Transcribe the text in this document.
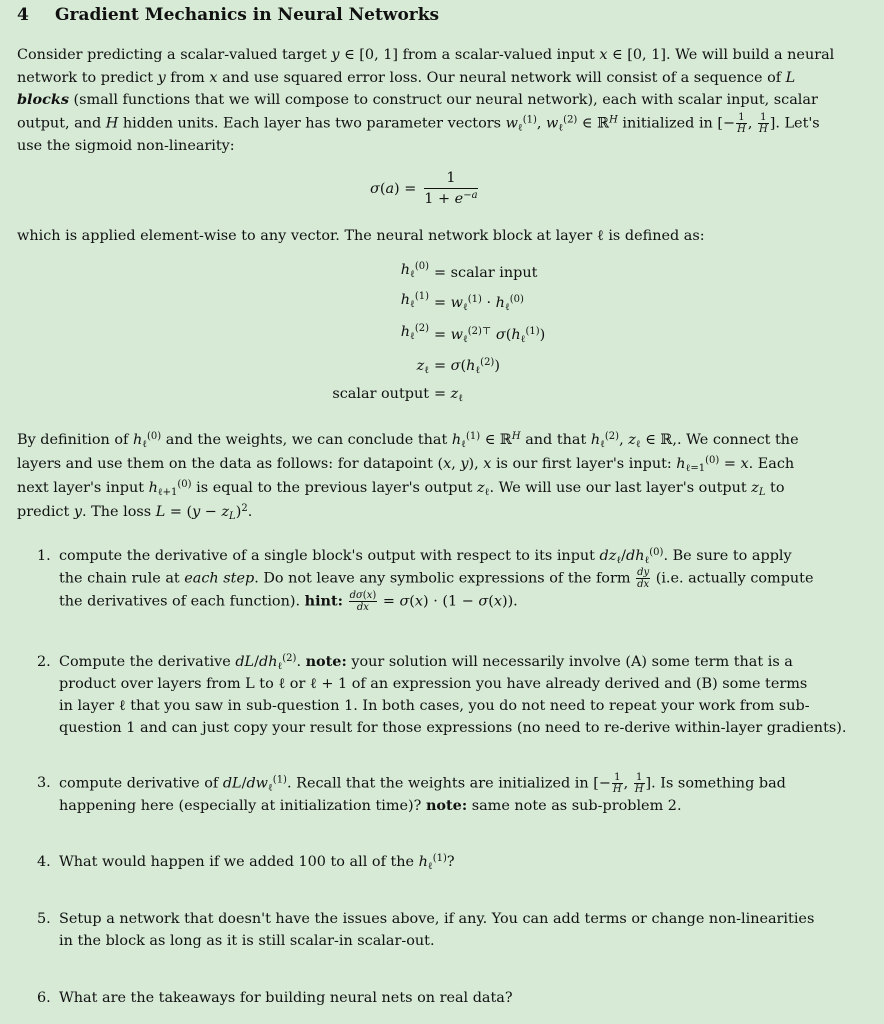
4 Gradient Mechanics in Neural Networks
Consider predicting a scalar-valued target y ∈ [0, 1] from a scalar-valued input x ∈ [0, 1]. We will build a neural
network to predict y from x and use squared error loss. Our neural network will consist of a sequence of L
blocks (small functions that we will compose to construct our neural network), each with scalar input, scalar
output, and H hidden units. Each layer has two parameter vectors $w_\ell^{(1)}$, $w_\ell^{(2)}$ ∈ ℝ$^H$ initialized in [− $\frac{1}{H}$ , $\frac{1}{H}$ ]. Let's
use the sigmoid non-linearity:
$\sigma(a) = \frac{1}{1 + e^{-a}}$
which is applied element-wise to any vector. The neural network block at layer ℓ is defined as:
$h_\ell^{(0)}$ = scalar input
$h_\ell^{(1)} = w_\ell^{(1)} \cdot h_\ell^{(0)}$
$h_\ell^{(2)} = w_\ell^{(2)⊤}$ $\sigma(h_\ell^{(1)})$
$z_\ell = \sigma(h_\ell^{(2)})$
scalar output = $z_\ell$
By definition of $h_\ell^{(0)}$ and the weights, we can conclude that $h_\ell^{(1)}$ ∈ ℝ$^H$ and that $h_\ell^{(2)}$, $z_\ell$ ∈ ℝ,. We connect the
layers and use them on the data as follows: for datapoint (x, y), x is our first layer's input: $h_{\ell=1}^{(0)} = x$. Each
next layer's input $h_{\ell+1}^{(0)}$ is equal to the previous layer's output $z_\ell$. We will use our last layer's output $z_L$ to
predict y. The loss $L = (y - z_L)^2$.
1. compute the derivative of a single block's output with respect to its input $dz_\ell/dh_\ell^{(0)}$. Be sure to apply
the chain rule at each step. Do not leave any symbolic expressions of the form $\frac{dy}{dx} (i.e$. actually compute
the derivatives of each function). hint: $\frac{d\sigma(x)}{dx} = \sigma(x) \cdot (1 - \sigma(x))$.
2. Compute the derivative $dL/dh_\ell^{(2)}$. note: your solution will necessarily involve (A) some term that is a
product over layers from L to ℓ or ℓ + 1 of an expression you have already derived and (B) some terms
in layer ℓ that you saw in sub-question 1. In both cases, you do not need to repeat your work from sub-
question 1 and can just copy your result for those expressions (no need to re-derive within-layer gradients).
3. compute derivative of $dL/dw_\ell^{(1)}$. Recall that the weights are initialized in [− $\frac{1}{H}$ , $\frac{1}{H}$ ]. Is something bad
happening here (especially at initialization time)? note: same note as sub-problem 2.
4. What would happen if we added 100 to all of the $h_\ell^{(1)}$?
5. Setup a network that doesn't have the issues above, if any. You can add terms or change non-linearities
in the block as long as it is still scalar-in scalar-out.
6. What are the takeaways for building neural nets on real data?
